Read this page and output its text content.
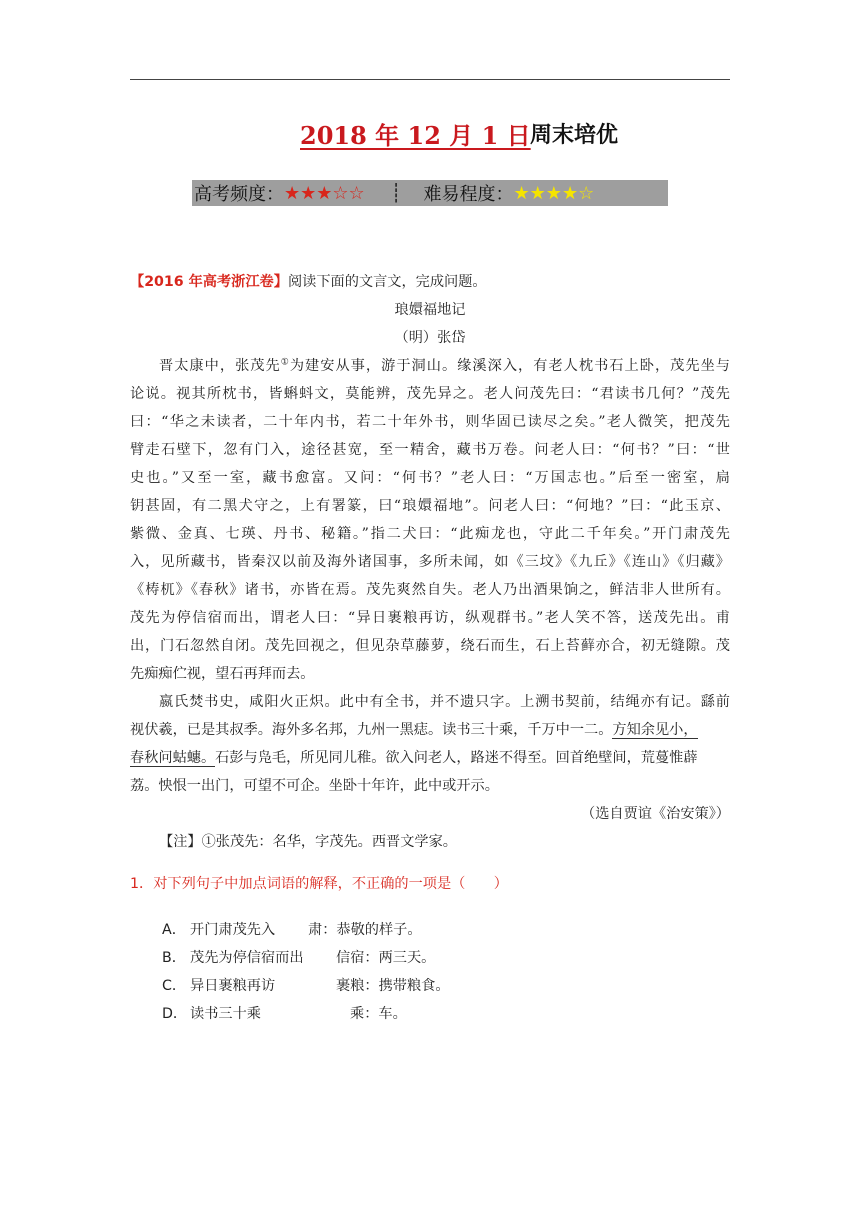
2018 年 12 月 1 日 周末培优
高考频度： ★★★☆☆ ┊ 难易程度： ★★★★☆
【2016 年高考浙江卷】阅读下面的文言文，完成问题。
琅嬛福地记
（明）张岱
晋太康中，张茂先①为建安从事，游于洞山。缘溪深入，有老人枕书石上卧，茂先坐与
论说。视其所枕书，皆蝌蚪文，莫能辨，茂先异之。老人问茂先曰：“君读书几何？”茂先
曰：“华之未读者，二十年内书，若二十年外书，则华固已读尽之矣。”老人微笑，把茂先
臂走石壁下，忽有门入，途径甚宽，至一精舍，藏书万卷。问老人曰：“何书？”曰：“世
史也。”又至一室，藏书愈富。又问：“何书？”老人曰：“万国志也。”后至一密室，扃
钥甚固，有二黑犬守之，上有署篆，曰“琅嬛福地”。问老人曰：“何地？”曰：“此玉京、
紫微、金真、七瑛、丹书、秘籍。”指二犬曰：“此痴龙也，守此二千年矣。”开门肃茂先
入，见所藏书，皆秦汉以前及海外诸国事，多所未闻，如《三坟》《九丘》《连山》《归藏》
《梼杌》《春秋》诸书，亦皆在焉。茂先爽然自失。老人乃出酒果饷之，鲜洁非人世所有。
茂先为停信宿而出，谓老人曰：“异日裹粮再访，纵观群书。”老人笑不答，送茂先出。甫
出，门石忽然自闭。茂先回视之，但见杂草藤萝，绕石而生，石上苔藓亦合，初无缝隙。茂
先痴痴伫视，望石再拜而去。
嬴氏焚书史，咸阳火正炽。此中有全书，并不遗只字。上溯书契前，结绳亦有记。繇前
视伏羲，已是其叔季。海外多名邦，九州一黑痣。读书三十乘，千万中一二。方知余见小，
春秋问蛄蟪。石彭与凫毛，所见同儿稚。欲入问老人，路迷不得至。回首绝壁间，荒蔓惟薜
荔。怏恨一出门，可望不可企。坐卧十年许，此中或开示。
（选自贾谊《治安策》）
【注】①张茂先：名华，字茂先。西晋文学家。
1．对下列句子中加点词语的解释，不正确的一项是（　　）
A． 开门肃茂先入	肃：恭敬的样子。
B． 茂先为停信宿而出	信宿：两三天。
C． 异日裹粮再访	裹粮：携带粮食。
D． 读书三十乘	乘：车。
